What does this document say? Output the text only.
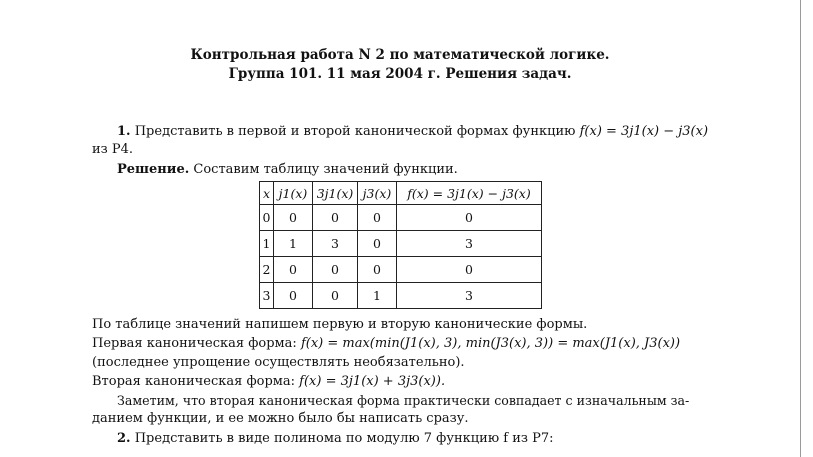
Контрольная работа N 2 по математической логике.
Группа 101. 11 мая 2004 г. Решения задач.
1. Представить в первой и второй канонической формах функцию f(x) = 3j1(x) − j3(x)
из P4.
Решение. Составим таблицу значений функции.
x	j1(x)	3j1(x)	j3(x)	f(x) = 3j1(x) − j3(x)
0	0	0	0	0
1	1	3	0	3
2	0	0	0	0
3	0	0	1	3
По таблице значений напишем первую и вторую канонические формы.
Первая каноническая форма: f(x) = max(min(J1(x), 3), min(J3(x), 3)) = max(J1(x), J3(x))
(последнее упрощение осуществлять необязательно).
Вторая каноническая форма: f(x) = 3j1(x) + 3j3(x)).
Заметим, что вторая каноническая форма практически совпадает с изначальным за-
данием функции, и ее можно было бы написать сразу.
2. Представить в виде полинома по модулю 7 функцию f из P7:
